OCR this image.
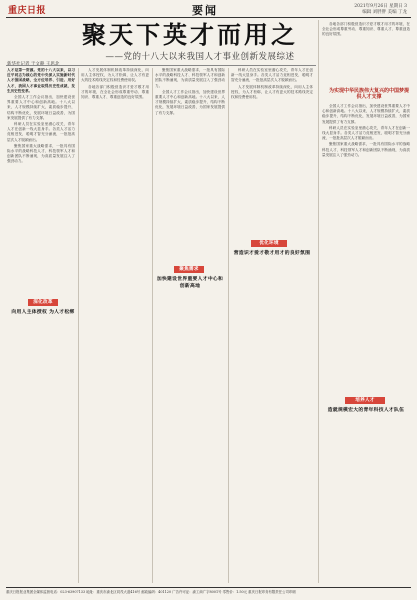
重庆日报	要闻	2021年9月26日 星期日 3
编辑 刘胖胖 美编 丁龙
聚天下英才而用之
——党的十八大以来我国人才事业创新发展综述
新华社记者 于文静 王思北

人才是第一资源。党的十八大以来，以习近平同志为核心的党中央深入实施新时代人才强国战略，全方位培养、引进、用好人才，我国人才事业取得历史性成就，发生历史性变革。

全国人才工作会议指出，加快建设世界重要人才中心和创新高地。十八大以来，人才规模持续扩大，素质稳步提升，结构不断优化，发展环境日益改善，为国家发展提供了有力支撑。

科研人员在实验室里潜心攻关，青年人才在创新一线大显身手。各类人才活力竞相迸发，聪明才智充分涌流，一批批高层次人才脱颖而出。

聚焦国家重大战略需求，一批具有国际水平的战略科技人才、科技领军人才和创新团队不断涌现，为高质量发展注入了强劲动力。

人才发展体制机制改革持续深化，向用人主体授权，为人才松绑，让人才有更大的技术路线决定权和经费使用权。

各地各部门积极营造识才爱才敬才用才的环境，在全社会形成尊重劳动、尊重知识、尊重人才、尊重创造的良好氛围。

聚焦国家重大战略需求，一批具有国际水平的战略科技人才、科技领军人才和创新团队不断涌现，为高质量发展注入了强劲动力。

全国人才工作会议指出，加快建设世界重要人才中心和创新高地。十八大以来，人才规模持续扩大，素质稳步提升，结构不断优化，发展环境日益改善，为国家发展提供了有力支撑。

科研人员在实验室里潜心攻关，青年人才在创新一线大显身手。各类人才活力竞相迸发，聪明才智充分涌流，一批批高层次人才脱颖而出。

人才发展体制机制改革持续深化，向用人主体授权，为人才松绑，让人才有更大的技术路线决定权和经费使用权。

各地各部门积极营造识才爱才敬才用才的环境，在全社会形成尊重劳动、尊重知识、尊重人才、尊重创造的良好氛围。

为实现中华民族伟大复兴的中国梦提供人才支撑

全国人才工作会议指出，加快建设世界重要人才中心和创新高地。十八大以来，人才规模持续扩大，素质稳步提升，结构不断优化，发展环境日益改善，为国家发展提供了有力支撑。

科研人员在实验室里潜心攻关，青年人才在创新一线大显身手。各类人才活力竞相迸发，聪明才智充分涌流，一批批高层次人才脱颖而出。

聚焦国家重大战略需求，一批具有国际水平的战略科技人才、科技领军人才和创新团队不断涌现，为高质量发展注入了强劲动力。

深化改革
向用人主体授权 为人才松绑
聚焦需求
加快建设世界重要人才中心和创新高地
优化环境
营造识才爱才敬才用才的良好氛围
培养人才
造就规模宏大的青年科技人才队伍
重庆日报报业集团全媒体监督电话：023-63907133 地址：重庆市渝北区同茂大道416号 邮政编码：401120 广告许可证：渝工商广字8001号 零售价：1.50元 重庆日报印务有限责任公司印刷
